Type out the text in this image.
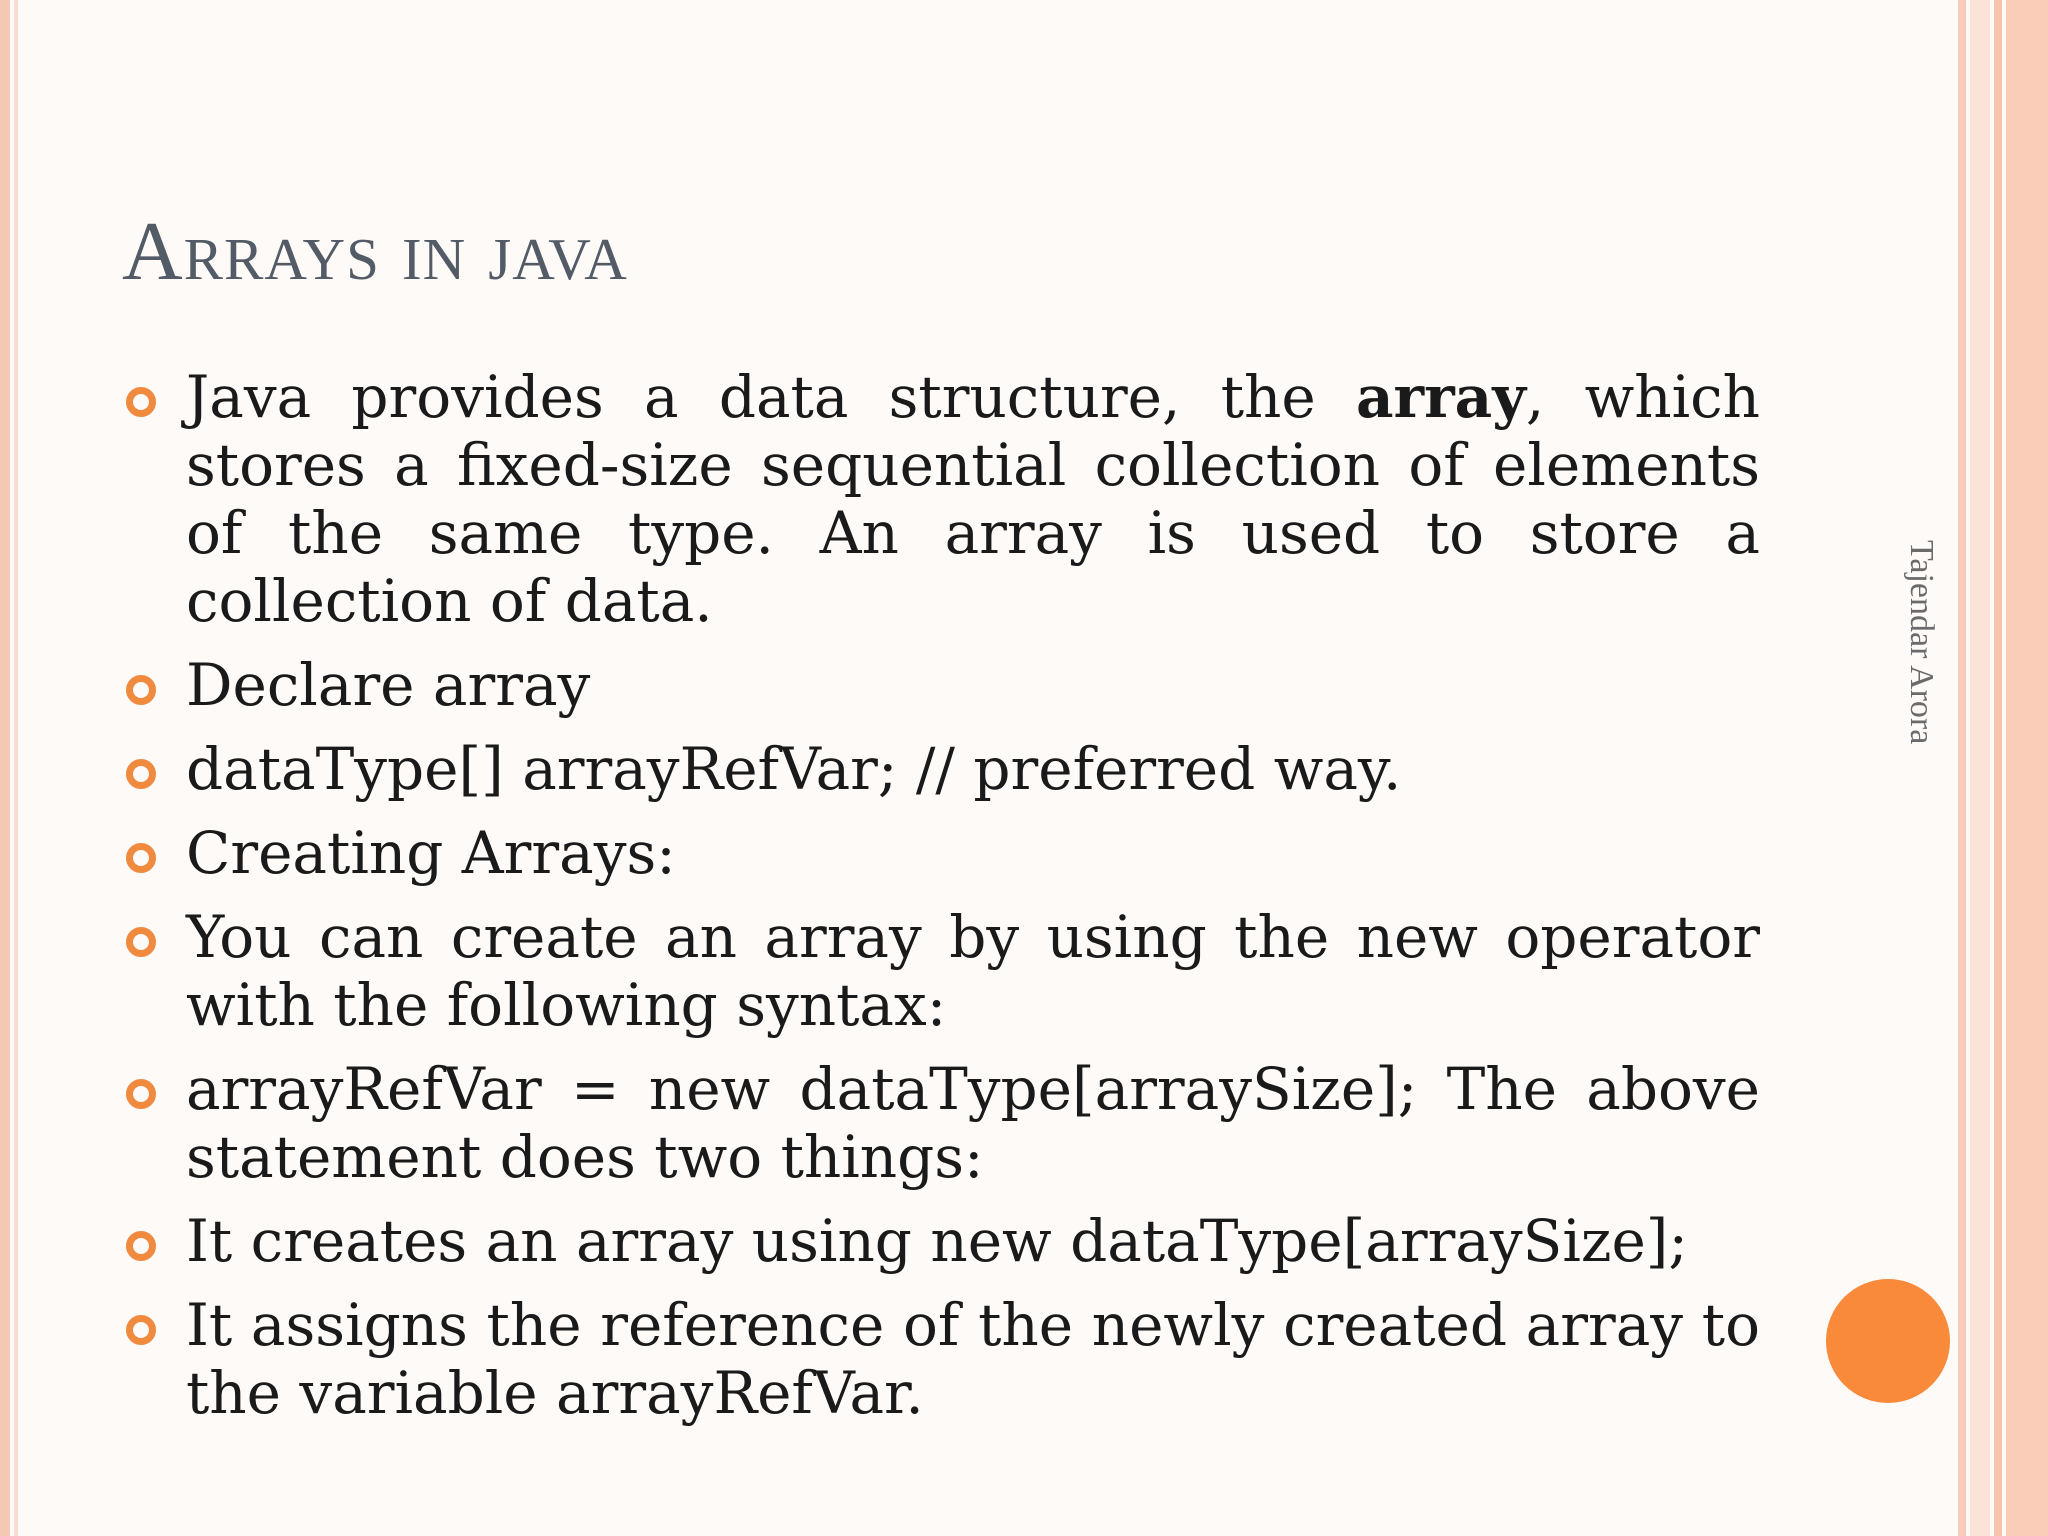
Arrays in java
Java provides a data structure, the array, which stores a fixed-size sequential collection of elements of the same type. An array is used to store a collection of data.
Declare array
dataType[] arrayRefVar; // preferred way.
Creating Arrays:
You can create an array by using the new operator with the following syntax:
arrayRefVar = new dataType[arraySize]; The above statement does two things:
It creates an array using new dataType[arraySize];
It assigns the reference of the newly created array to the variable arrayRefVar.
Tajendar Arora
